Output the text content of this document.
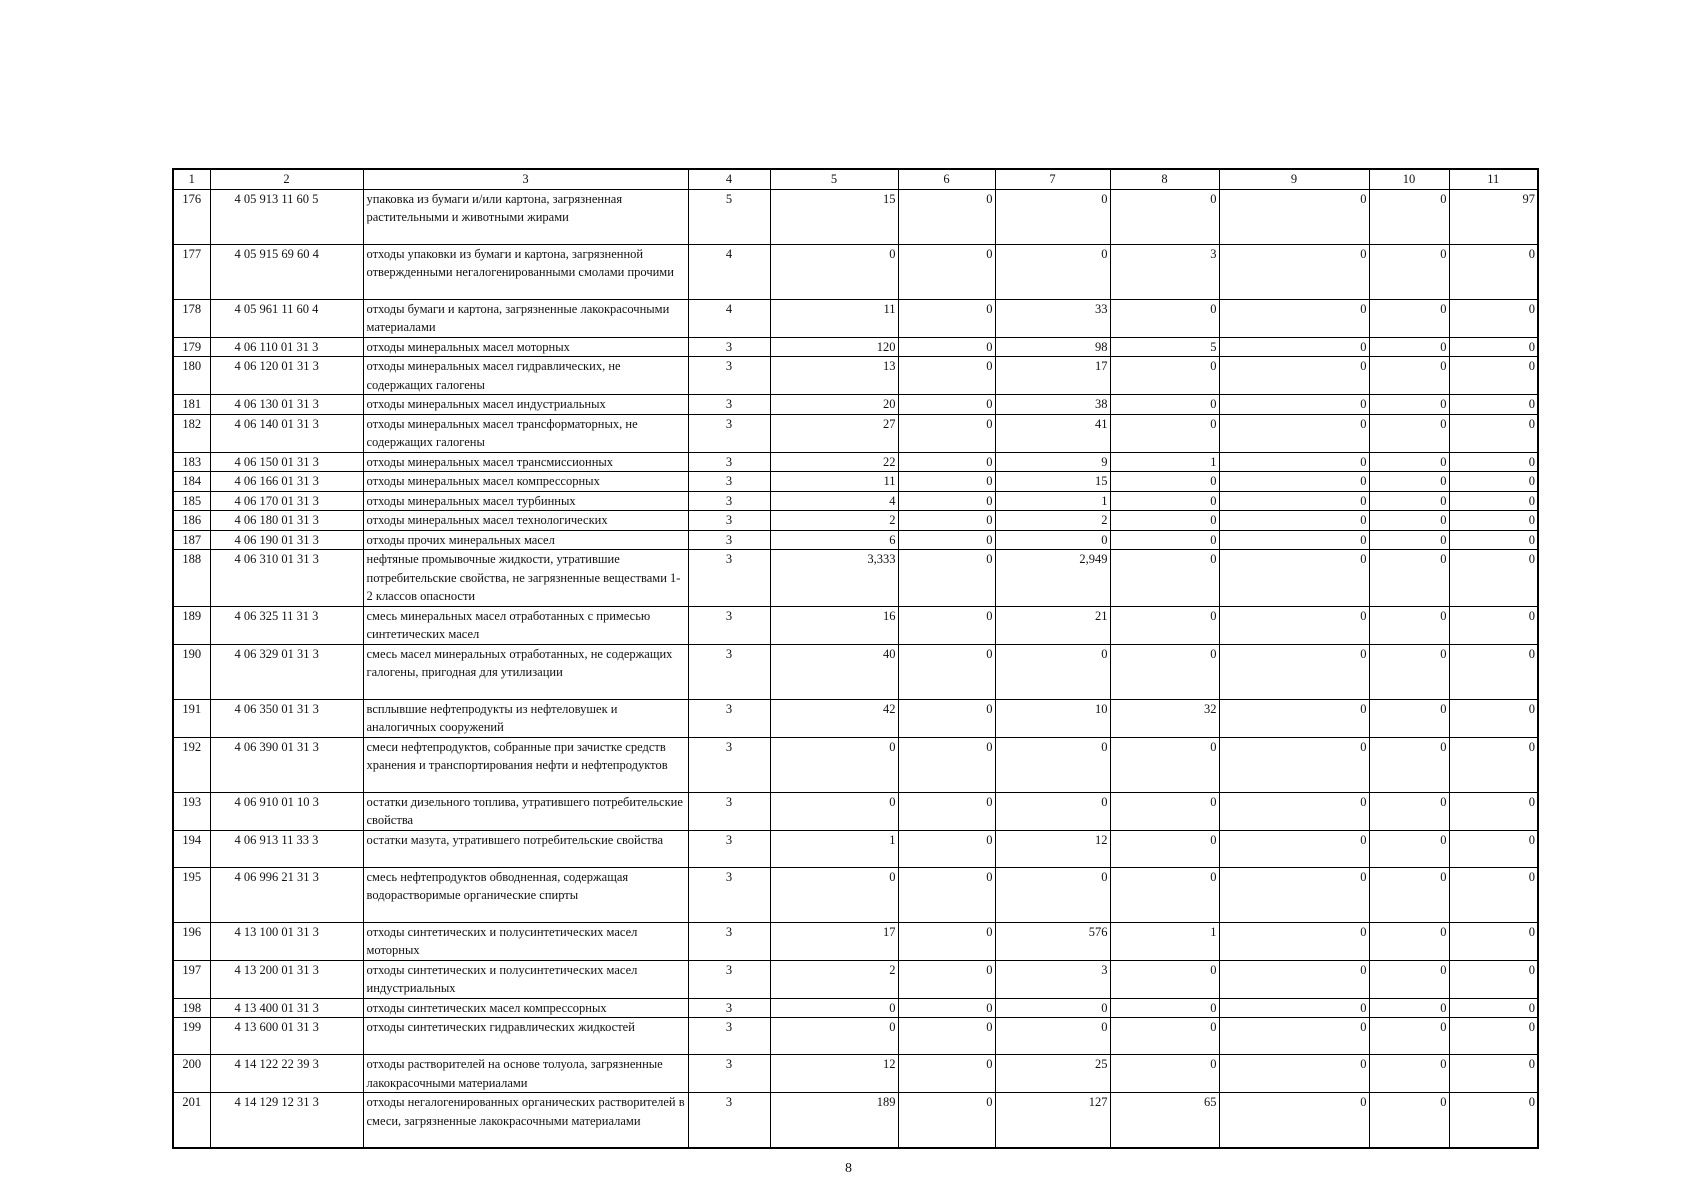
1	2	3	4	5	6	7	8	9	10	11
176	4 05 913 11 60 5	упаковка из бумаги и/или картона, загрязненная растительными и животными жирами	5	15	0	0	0	0	0	97
177	4 05 915 69 60 4	отходы упаковки из бумаги и картона, загрязненной отвержденными негалогенированными смолами прочими	4	0	0	0	3	0	0	0
178	4 05 961 11 60 4	отходы бумаги и картона, загрязненные лакокрасочными материалами	4	11	0	33	0	0	0	0
179	4 06 110 01 31 3	отходы минеральных масел моторных	3	120	0	98	5	0	0	0
180	4 06 120 01 31 3	отходы минеральных масел гидравлических, не содержащих галогены	3	13	0	17	0	0	0	0
181	4 06 130 01 31 3	отходы минеральных масел индустриальных	3	20	0	38	0	0	0	0
182	4 06 140 01 31 3	отходы минеральных масел трансформаторных, не содержащих галогены	3	27	0	41	0	0	0	0
183	4 06 150 01 31 3	отходы минеральных масел трансмиссионных	3	22	0	9	1	0	0	0
184	4 06 166 01 31 3	отходы минеральных масел компрессорных	3	11	0	15	0	0	0	0
185	4 06 170 01 31 3	отходы минеральных масел турбинных	3	4	0	1	0	0	0	0
186	4 06 180 01 31 3	отходы минеральных масел технологических	3	2	0	2	0	0	0	0
187	4 06 190 01 31 3	отходы прочих минеральных масел	3	6	0	0	0	0	0	0
188	4 06 310 01 31 3	нефтяные промывочные жидкости, утратившие потребительские свойства, не загрязненные веществами 1-2 классов опасности	3	3,333	0	2,949	0	0	0	0
189	4 06 325 11 31 3	смесь минеральных масел отработанных с примесью синтетических масел	3	16	0	21	0	0	0	0
190	4 06 329 01 31 3	смесь масел минеральных отработанных, не содержащих галогены, пригодная для утилизации	3	40	0	0	0	0	0	0
191	4 06 350 01 31 3	всплывшие нефтепродукты из нефтеловушек и аналогичных сооружений	3	42	0	10	32	0	0	0
192	4 06 390 01 31 3	смеси нефтепродуктов, собранные при зачистке средств хранения и транспортирования нефти и нефтепродуктов	3	0	0	0	0	0	0	0
193	4 06 910 01 10 3	остатки дизельного топлива, утратившего потребительские свойства	3	0	0	0	0	0	0	0
194	4 06 913 11 33 3	остатки мазута, утратившего потребительские свойства	3	1	0	12	0	0	0	0
195	4 06 996 21 31 3	смесь нефтепродуктов обводненная, содержащая водорастворимые органические спирты	3	0	0	0	0	0	0	0
196	4 13 100 01 31 3	отходы синтетических и полусинтетических масел моторных	3	17	0	576	1	0	0	0
197	4 13 200 01 31 3	отходы синтетических и полусинтетических масел индустриальных	3	2	0	3	0	0	0	0
198	4 13 400 01 31 3	отходы синтетических масел компрессорных	3	0	0	0	0	0	0	0
199	4 13 600 01 31 3	отходы синтетических гидравлических жидкостей	3	0	0	0	0	0	0	0
200	4 14 122 22 39 3	отходы растворителей на основе толуола, загрязненные лакокрасочными материалами	3	12	0	25	0	0	0	0
201	4 14 129 12 31 3	отходы негалогенированных органических растворителей в смеси, загрязненные лакокрасочными материалами	3	189	0	127	65	0	0	0
8
